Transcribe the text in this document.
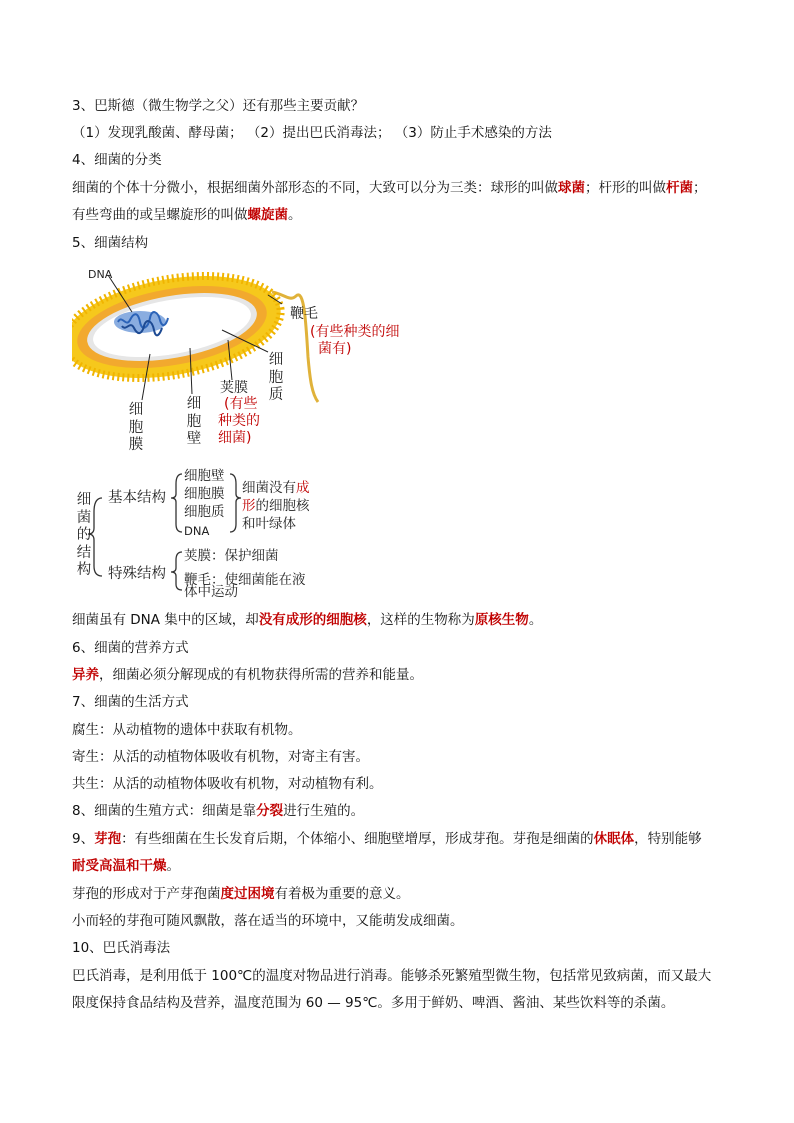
3、巴斯德（微生物学之父）还有那些主要贡献？
（1）发现乳酸菌、酵母菌； （2）提出巴氏消毒法； （3）防止手术感染的方法
4、细菌的分类
细菌的个体十分微小，根据细菌外部形态的不同，大致可以分为三类：球形的叫做球菌；杆形的叫做杆菌；
有些弯曲的或呈螺旋形的叫做螺旋菌。
5、细菌结构
DNA
鞭毛
(有些种类的细
菌有)
细
胞
质
荚膜
(有些
种类的
细菌)
细
胞
壁
细
胞
膜
细
菌
的
结
构
基本结构
细胞壁
细胞膜
细胞质
DNA
细菌没有成
形的细胞核
和叶绿体
特殊结构
荚膜：保护细菌
鞭毛：使细菌能在液
体中运动
细菌虽有 DNA 集中的区域，却没有成形的细胞核，这样的生物称为原核生物。
6、细菌的营养方式
异养，细菌必须分解现成的有机物获得所需的营养和能量。
7、细菌的生活方式
腐生：从动植物的遗体中获取有机物。
寄生：从活的动植物体吸收有机物，对寄主有害。
共生：从活的动植物体吸收有机物，对动植物有利。
8、细菌的生殖方式：细菌是靠分裂进行生殖的。
9、芽孢：有些细菌在生长发育后期，个体缩小、细胞壁增厚，形成芽孢。芽孢是细菌的休眠体，特别能够
耐受高温和干燥。
芽孢的形成对于产芽孢菌度过困境有着极为重要的意义。
小而轻的芽孢可随风飘散，落在适当的环境中，又能萌发成细菌。
10、巴氏消毒法
巴氏消毒，是利用低于 100℃的温度对物品进行消毒。能够杀死繁殖型微生物，包括常见致病菌，而又最大
限度保持食品结构及营养，温度范围为 60 — 95℃。多用于鲜奶、啤酒、酱油、某些饮料等的杀菌。
